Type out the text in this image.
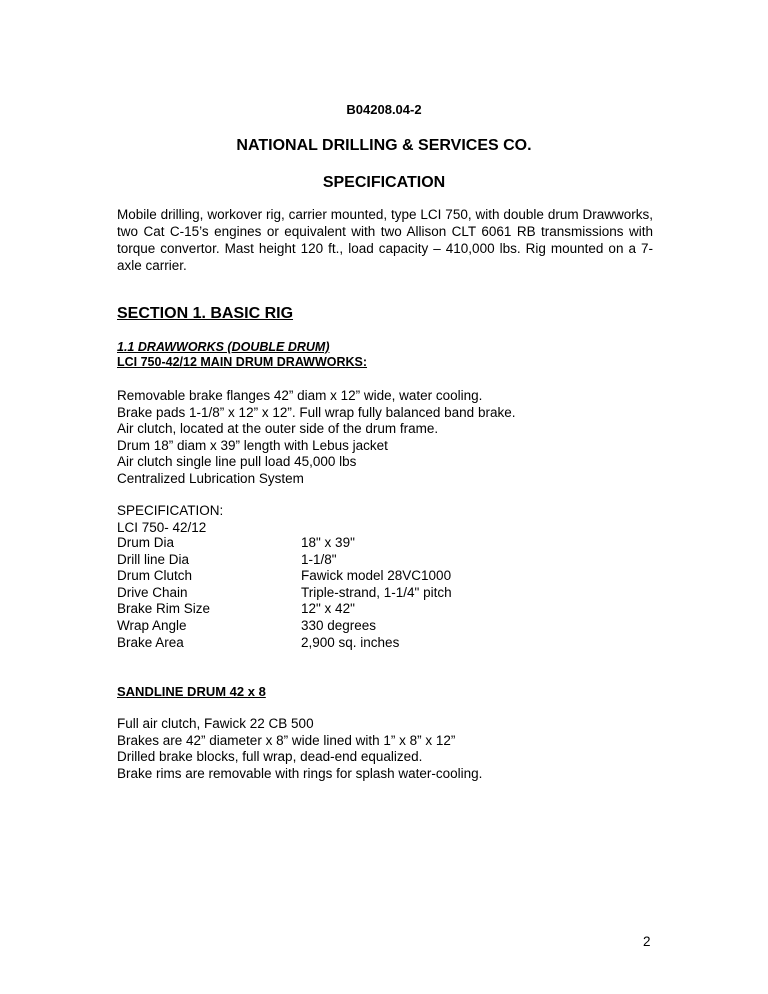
B04208.04-2
NATIONAL DRILLING & SERVICES CO.
SPECIFICATION

Mobile drilling, workover rig, carrier mounted, type LCI 750, with double drum Drawworks, two Cat C-15’s engines or equivalent with two Allison CLT 6061 RB transmissions with torque convertor. Mast height 120 ft., load capacity – 410,000 lbs. Rig mounted on a 7-axle carrier.

SECTION 1. BASIC RIG
1.1 DRAWWORKS (DOUBLE DRUM)
LCI 750-42/12 MAIN DRUM DRAWWORKS:
Removable brake flanges 42” diam x 12” wide, water cooling.
Brake pads 1-1/8” x 12” x 12”. Full wrap fully balanced band brake.
Air clutch, located at the outer side of the drum frame.
Drum 18” diam x 39” length with Lebus jacket
Air clutch single line pull load 45,000 lbs
Centralized Lubrication System
SPECIFICATION:
LCI 750- 42/12
Drum Dia	18" x 39"
Drill line Dia	1-1/8"
Drum Clutch	Fawick model 28VC1000
Drive Chain	Triple-strand, 1-1/4" pitch
Brake Rim Size	12" x 42"
Wrap Angle	330 degrees
Brake Area	2,900 sq. inches
SANDLINE DRUM 42 x 8
Full air clutch, Fawick 22 CB 500
Brakes are 42” diameter x 8” wide lined with 1” x 8” x 12”
Drilled brake blocks, full wrap, dead-end equalized.
Brake rims are removable with rings for splash water-cooling.
2
